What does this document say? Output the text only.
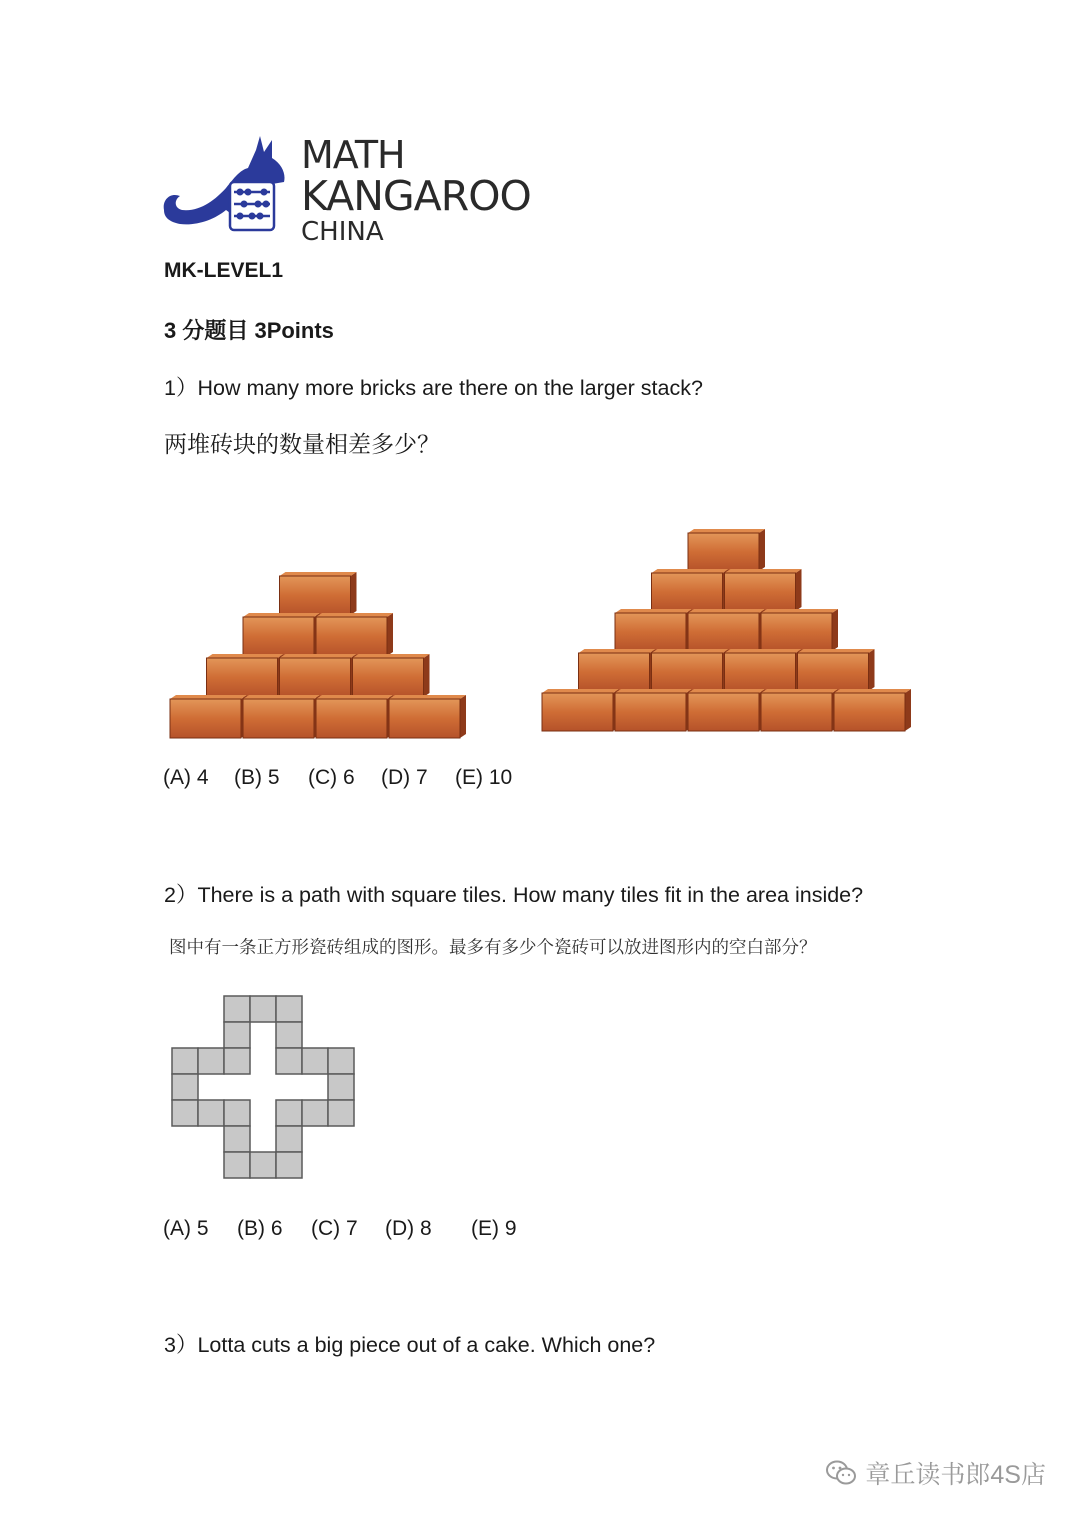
MATH
KANGAROO
CHINA
MK-LEVEL1
3 分题目 3Points
1）How many more bricks are there on the larger stack?
两堆砖块的数量相差多少？
(A) 4 (B) 5 (C) 6 (D) 7 (E) 10
2）There is a path with square tiles. How many tiles fit in the area inside?
图中有一条正方形瓷砖组成的图形。最多有多少个瓷砖可以放进图形内的空白部分？
(A) 5 (B) 6 (C) 7 (D) 8 (E) 9
3）Lotta cuts a big piece out of a cake. Which one?
章丘读书郎4S店
